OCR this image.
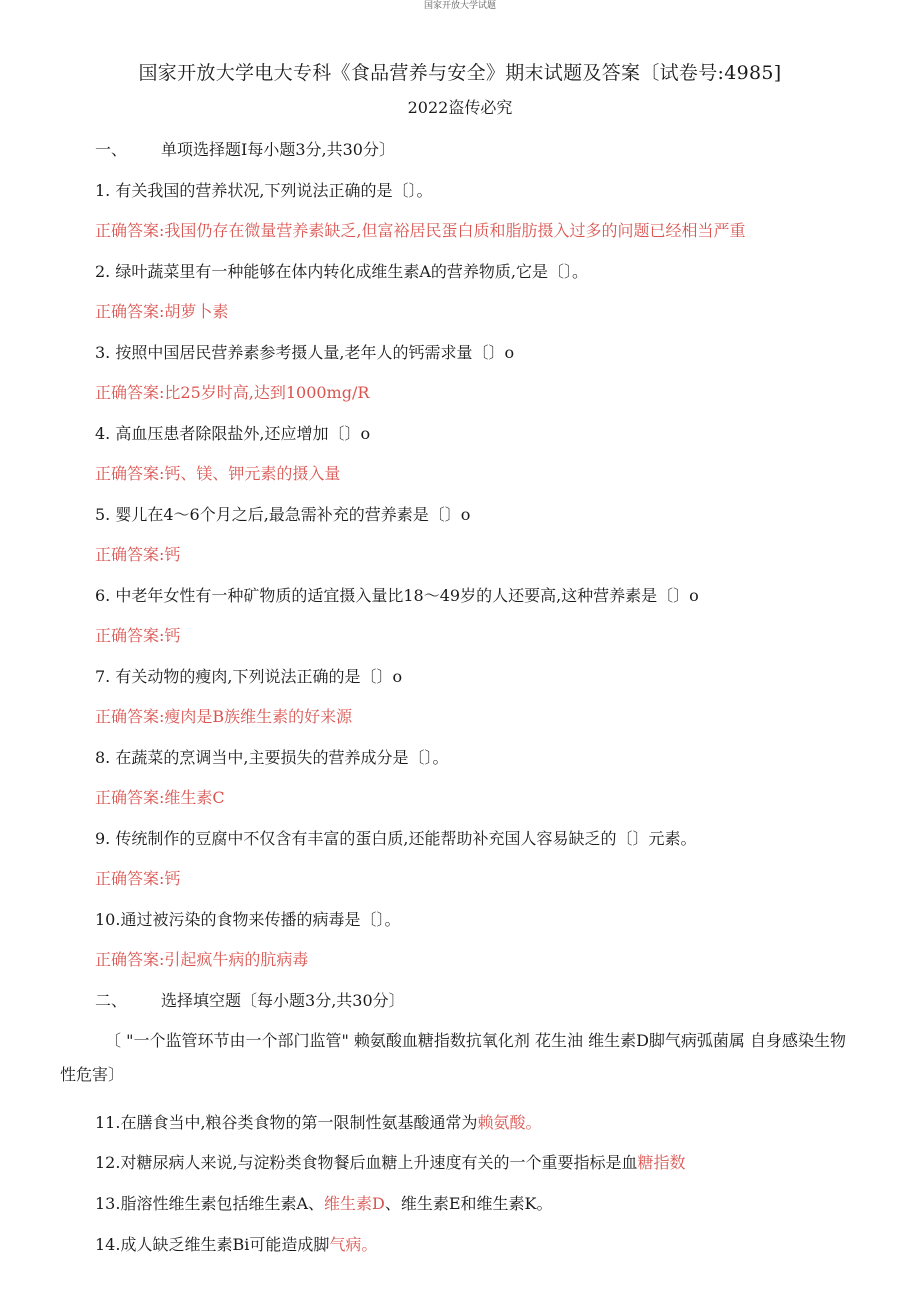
国家开放大学试题
国家开放大学电大专科《食品营养与安全》期末试题及答案〔试卷号:4985]
2022盗传必究
一、 单项选择题I每小题3分,共30分〕
1. 有关我国的营养状况,下列说法正确的是〔〕。
正确答案:我国仍存在微量营养素缺乏,但富裕居民蛋白质和脂肪摄入过多的问题已经相当严重
2. 绿叶蔬菜里有一种能够在体内转化成维生素A的营养物质,它是〔〕。
正确答案:胡萝卜素
3. 按照中国居民营养素参考摄人量,老年人的钙需求量〔〕o
正确答案:比25岁时高,达到1000mg/R
4. 高血压患者除限盐外,还应增加〔〕o
正确答案:钙、镁、钾元素的摄入量
5. 婴儿在4〜6个月之后,最急需补充的营养素是〔〕o
正确答案:钙
6. 中老年女性有一种矿物质的适宜摄入量比18〜49岁的人还要高,这种营养素是〔〕o
正确答案:钙
7. 有关动物的瘦肉,下列说法正确的是〔〕o
正确答案:瘦肉是B族维生素的好来源
8. 在蔬菜的烹调当中,主要损失的营养成分是〔〕。
正确答案:维生素C
9. 传统制作的豆腐中不仅含有丰富的蛋白质,还能帮助补充国人容易缺乏的〔〕元素。
正确答案:钙
10.通过被污染的食物来传播的病毒是〔〕。
正确答案:引起疯牛病的肮病毒
二、 选择填空题〔每小题3分,共30分〕
〔 "一个监管环节由一个部门监管" 赖氨酸血糖指数抗氧化剂 花生油 维生素D脚气病弧菌属 自身感染生物性危害〕
11.在膳食当中,粮谷类食物的第一限制性氨基酸通常为赖氨酸。
12.对糖尿病人来说,与淀粉类食物餐后血糖上升速度有关的一个重要指标是血糖指数
13.脂溶性维生素包括维生素A、维生素D、维生素E和维生素K。
14.成人缺乏维生素Bi可能造成脚气病。
